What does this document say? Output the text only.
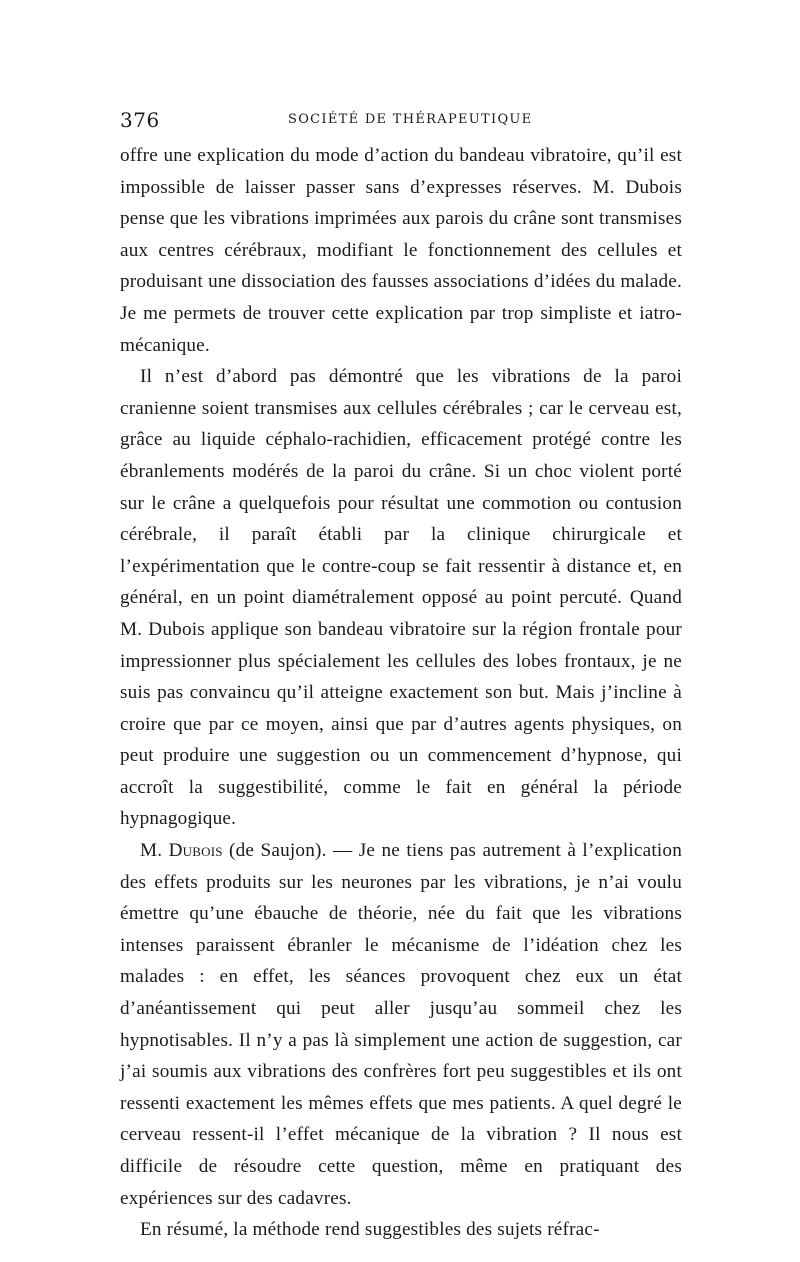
376	SOCIÉTÉ DE THÉRAPEUTIQUE

offre une explication du mode d’action du bandeau vibratoire, qu’il est impossible de laisser passer sans d’expresses réserves. M. Dubois pense que les vibrations imprimées aux parois du crâne sont transmises aux centres cérébraux, modifiant le fonctionnement des cellules et produisant une dissociation des fausses associations d’idées du malade. Je me permets de trouver cette explication par trop simpliste et iatro-mécanique.

Il n’est d’abord pas démontré que les vibrations de la paroi cranienne soient transmises aux cellules cérébrales ; car le cerveau est, grâce au liquide céphalo-rachidien, efficacement protégé contre les ébranlements modérés de la paroi du crâne. Si un choc violent porté sur le crâne a quelquefois pour résultat une commotion ou contusion cérébrale, il paraît établi par la clinique chirurgicale et l’expérimentation que le contre-coup se fait ressentir à distance et, en général, en un point diamétralement opposé au point percuté. Quand M. Dubois applique son bandeau vibratoire sur la région frontale pour impressionner plus spécialement les cellules des lobes frontaux, je ne suis pas convaincu qu’il atteigne exactement son but. Mais j’incline à croire que par ce moyen, ainsi que par d’autres agents physiques, on peut produire une suggestion ou un commencement d’hypnose, qui accroît la suggestibilité, comme le fait en général la période hypnagogique.

M. Dubois (de Saujon). — Je ne tiens pas autrement à l’explication des effets produits sur les neurones par les vibrations, je n’ai voulu émettre qu’une ébauche de théorie, née du fait que les vibrations intenses paraissent ébranler le mécanisme de l’idéation chez les malades : en effet, les séances provoquent chez eux un état d’anéantissement qui peut aller jusqu’au sommeil chez les hypnotisables. Il n’y a pas là simplement une action de suggestion, car j’ai soumis aux vibrations des confrères fort peu suggestibles et ils ont ressenti exactement les mêmes effets que mes patients. A quel degré le cerveau ressent-il l’effet mécanique de la vibration ? Il nous est difficile de résoudre cette question, même en pratiquant des expériences sur des cadavres.

En résumé, la méthode rend suggestibles des sujets réfrac-
